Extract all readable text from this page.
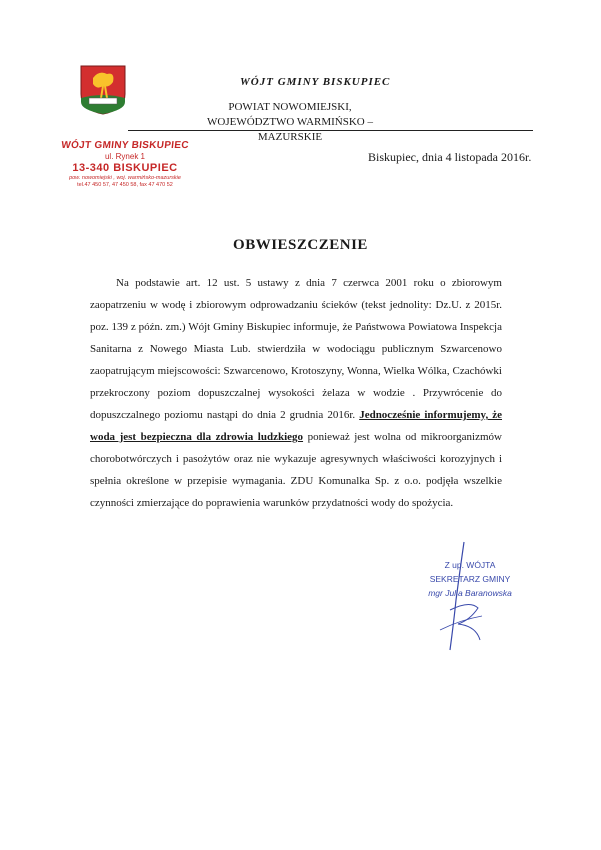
WÓJT GMINY BISKUPIEC
POWIAT NOWOMIEJSKI,
WOJEWÓDZTWO WARMIŃSKO – MAZURSKIE
WÓJT GMINY BISKUPIEC
ul. Rynek 1
13-340 BISKUPIEC
pow. nowomiejski , woj. warmińsko-mazurskie
tel.47 450 57, 47 450 58, fax 47 470 52
Biskupiec, dnia 4 listopada 2016r.
OBWIESZCZENIE
Na podstawie art. 12 ust. 5 ustawy z dnia 7 czerwca 2001 roku o zbiorowym zaopatrzeniu w wodę i zbiorowym odprowadzaniu ścieków (tekst jednolity: Dz.U. z 2015r. poz. 139 z późn. zm.) Wójt Gminy Biskupiec informuje, że Państwowa Powiatowa Inspekcja Sanitarna z Nowego Miasta Lub. stwierdziła w wodociągu publicznym Szwarcenowo zaopatrującym miejscowości: Szwarcenowo, Krotoszyny, Wonna, Wielka Wólka, Czachówki przekroczony poziom dopuszczalnej wysokości żelaza w wodzie . Przywrócenie do dopuszczalnego poziomu nastąpi do dnia 2 grudnia 2016r. Jednocześnie informujemy, że woda jest bezpieczna dla zdrowia ludzkiego ponieważ jest wolna od mikroorganizmów chorobotwórczych i pasożytów oraz nie wykazuje agresywnych właściwości korozyjnych i spełnia określone w przepisie wymagania. ZDU Komunalka Sp. z o.o. podjęła wszelkie czynności zmierzające do poprawienia warunków przydatności wody do spożycia.
Z up. WÓJTA
SEKRETARZ GMINY
mgr Julia Baranowska
